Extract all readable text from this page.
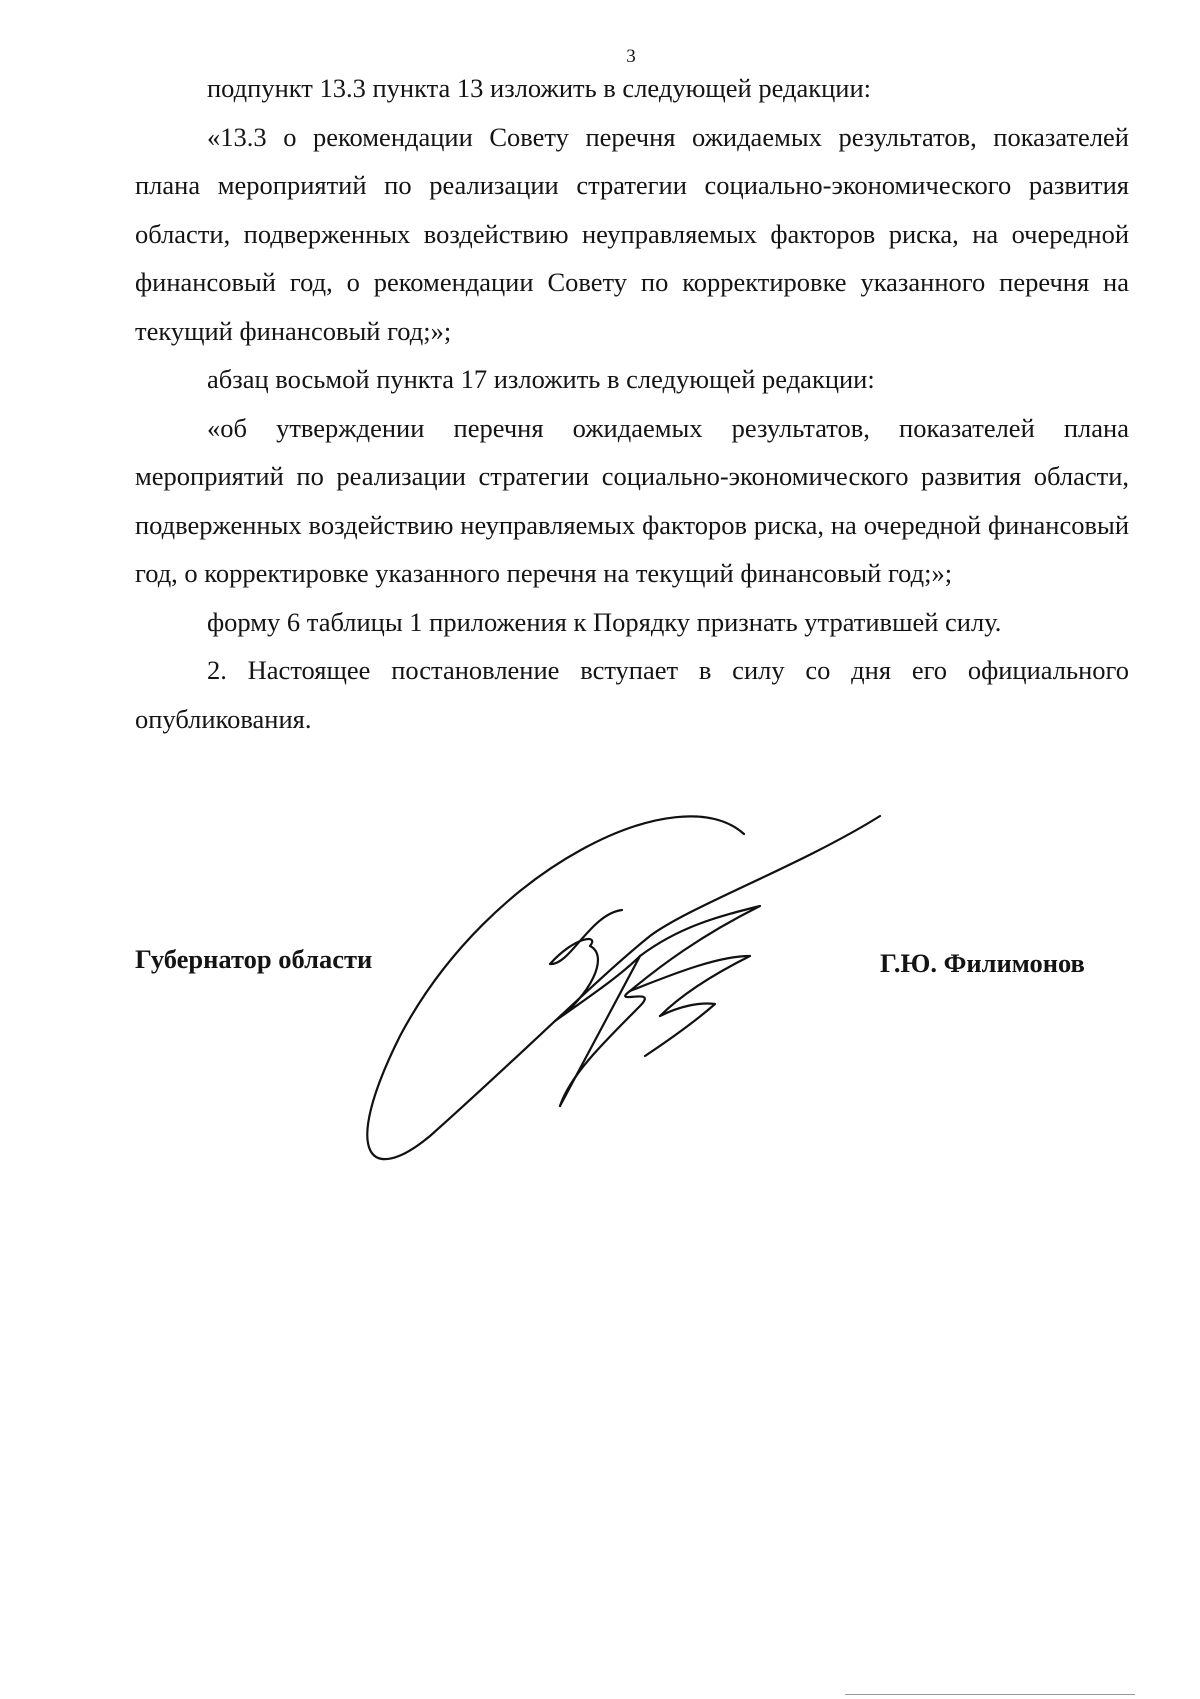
3

подпункт 13.3 пункта 13 изложить в следующей редакции:

«13.3 о рекомендации Совету перечня ожидаемых результатов, показателей плана мероприятий по реализации стратегии социально-экономического развития области, подверженных воздействию неуправляемых факторов риска, на очередной финансовый год, о рекомендации Совету по корректировке указанного перечня на текущий финансовый год;»;

абзац восьмой пункта 17 изложить в следующей редакции:

«об утверждении перечня ожидаемых результатов, показателей плана мероприятий по реализации стратегии социально-экономического развития области, подверженных воздействию неуправляемых факторов риска, на очередной финансовый год, о корректировке указанного перечня на текущий финансовый год;»;

форму 6 таблицы 1 приложения к Порядку признать утратившей силу.

2. Настоящее постановление вступает в силу со дня его официального опубликования.

Губернатор области	Г.Ю. Филимонов
